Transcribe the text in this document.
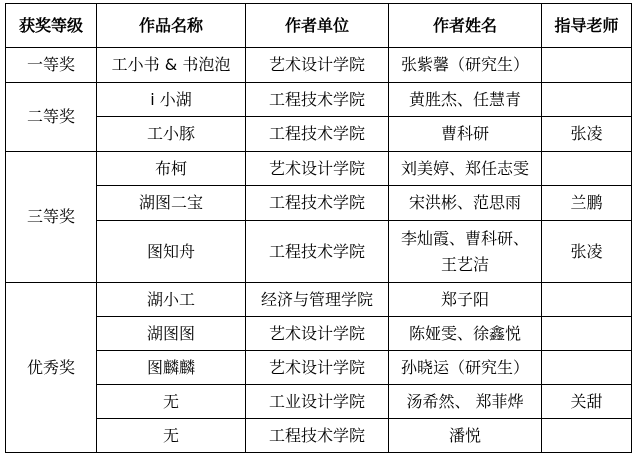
获奖等级	作品名称	作者单位	作者姓名	指导老师
一等奖	工小书 & 书泡泡	艺术设计学院	张紫馨（研究生）	
二等奖	i 小湖	工程技术学院	黄胜杰、任慧青	
	工小豚	工程技术学院	曹科研	张凌
三等奖	布柯	艺术设计学院	刘美婷、郑任志雯	
	湖图二宝	工程技术学院	宋洪彬、范思雨	兰鹏
	图知舟	工程技术学院	李灿霞、曹科研、王艺洁	张凌
优秀奖	湖小工	经济与管理学院	郑子阳	
	湖图图	艺术设计学院	陈娅雯、徐鑫悦	
	图麟麟	艺术设计学院	孙晓运（研究生）	
	无	工业设计学院	汤希然、 郑菲烨	关甜
	无	工程技术学院	潘悦	
